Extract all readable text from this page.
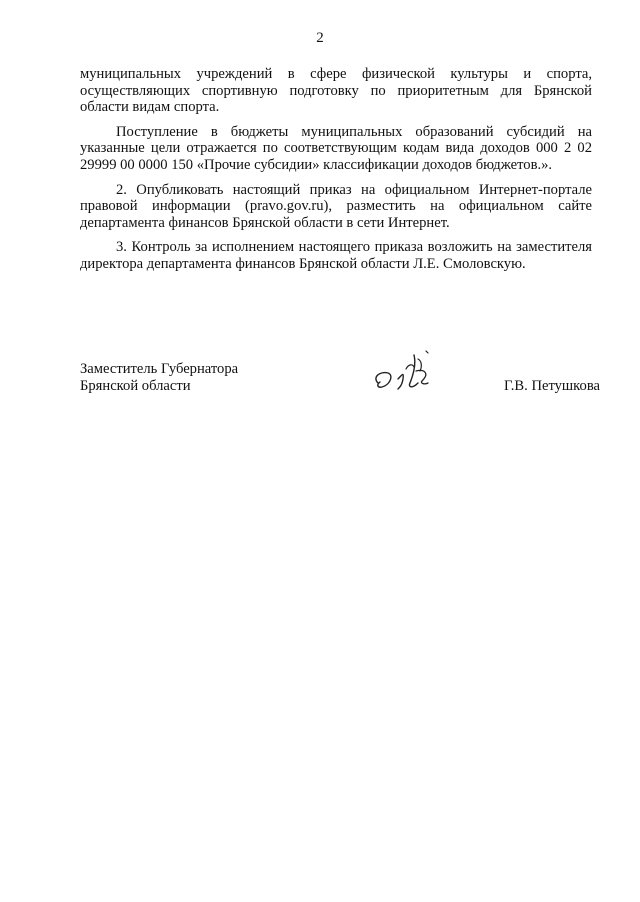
2

муниципальных учреждений в сфере физической культуры и спорта, осуществляющих спортивную подготовку по приоритетным для Брянской области видам спорта.

Поступление в бюджеты муниципальных образований субсидий на указанные цели отражается по соответствующим кодам вида доходов 000 2 02 29999 00 0000 150 «Прочие субсидии» классификации доходов бюджетов.».

2. Опубликовать настоящий приказ на официальном Интернет-портале правовой информации (pravo.gov.ru), разместить на официальном сайте департамента финансов Брянской области в сети Интернет.

3. Контроль за исполнением настоящего приказа возложить на заместителя директора департамента финансов Брянской области Л.Е. Смоловскую.

Заместитель Губернатора
Брянской области	Г.В. Петушкова
